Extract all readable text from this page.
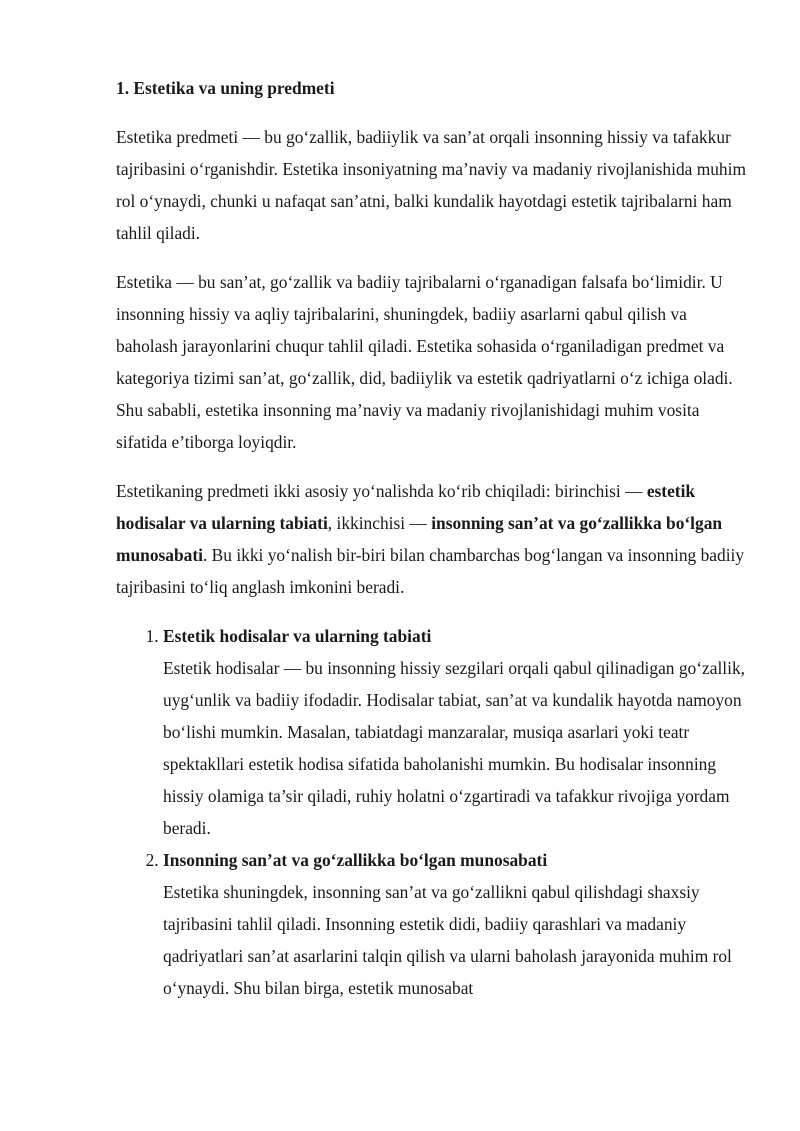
1. Estetika va uning predmeti

Estetika predmeti — bu go‘zallik, badiiylik va san’at orqali insonning hissiy va tafakkur tajribasini o‘rganishdir. Estetika insoniyatning ma’naviy va madaniy rivojlanishida muhim rol o‘ynaydi, chunki u nafaqat san’atni, balki kundalik hayotdagi estetik tajribalarni ham tahlil qiladi.

Estetika — bu san’at, go‘zallik va badiiy tajribalarni o‘rganadigan falsafa bo‘limidir. U insonning hissiy va aqliy tajribalarini, shuningdek, badiiy asarlarni qabul qilish va baholash jarayonlarini chuqur tahlil qiladi. Estetika sohasida o‘rganiladigan predmet va kategoriya tizimi san’at, go‘zallik, did, badiiylik va estetik qadriyatlarni o‘z ichiga oladi. Shu sababli, estetika insonning ma’naviy va madaniy rivojlanishidagi muhim vosita sifatida e’tiborga loyiqdir.

Estetikaning predmeti ikki asosiy yo‘nalishda ko‘rib chiqiladi: birinchisi — estetik hodisalar va ularning tabiati, ikkinchisi — insonning san’at va go‘zallikka bo‘lgan munosabati. Bu ikki yo‘nalish bir-biri bilan chambarchas bog‘langan va insonning badiiy tajribasini to‘liq anglash imkonini beradi.

1. Estetik hodisalar va ularning tabiati
Estetik hodisalar — bu insonning hissiy sezgilari orqali qabul qilinadigan go‘zallik, uyg‘unlik va badiiy ifodadir. Hodisalar tabiat, san’at va kundalik hayotda namoyon bo‘lishi mumkin. Masalan, tabiatdagi manzaralar, musiqa asarlari yoki teatr spektakllari estetik hodisa sifatida baholanishi mumkin. Bu hodisalar insonning hissiy olamiga ta’sir qiladi, ruhiy holatni o‘zgartiradi va tafakkur rivojiga yordam beradi.
2. Insonning san’at va go‘zallikka bo‘lgan munosabati
Estetika shuningdek, insonning san’at va go‘zallikni qabul qilishdagi shaxsiy tajribasini tahlil qiladi. Insonning estetik didi, badiiy qarashlari va madaniy qadriyatlari san’at asarlarini talqin qilish va ularni baholash jarayonida muhim rol o‘ynaydi. Shu bilan birga, estetik munosabat
